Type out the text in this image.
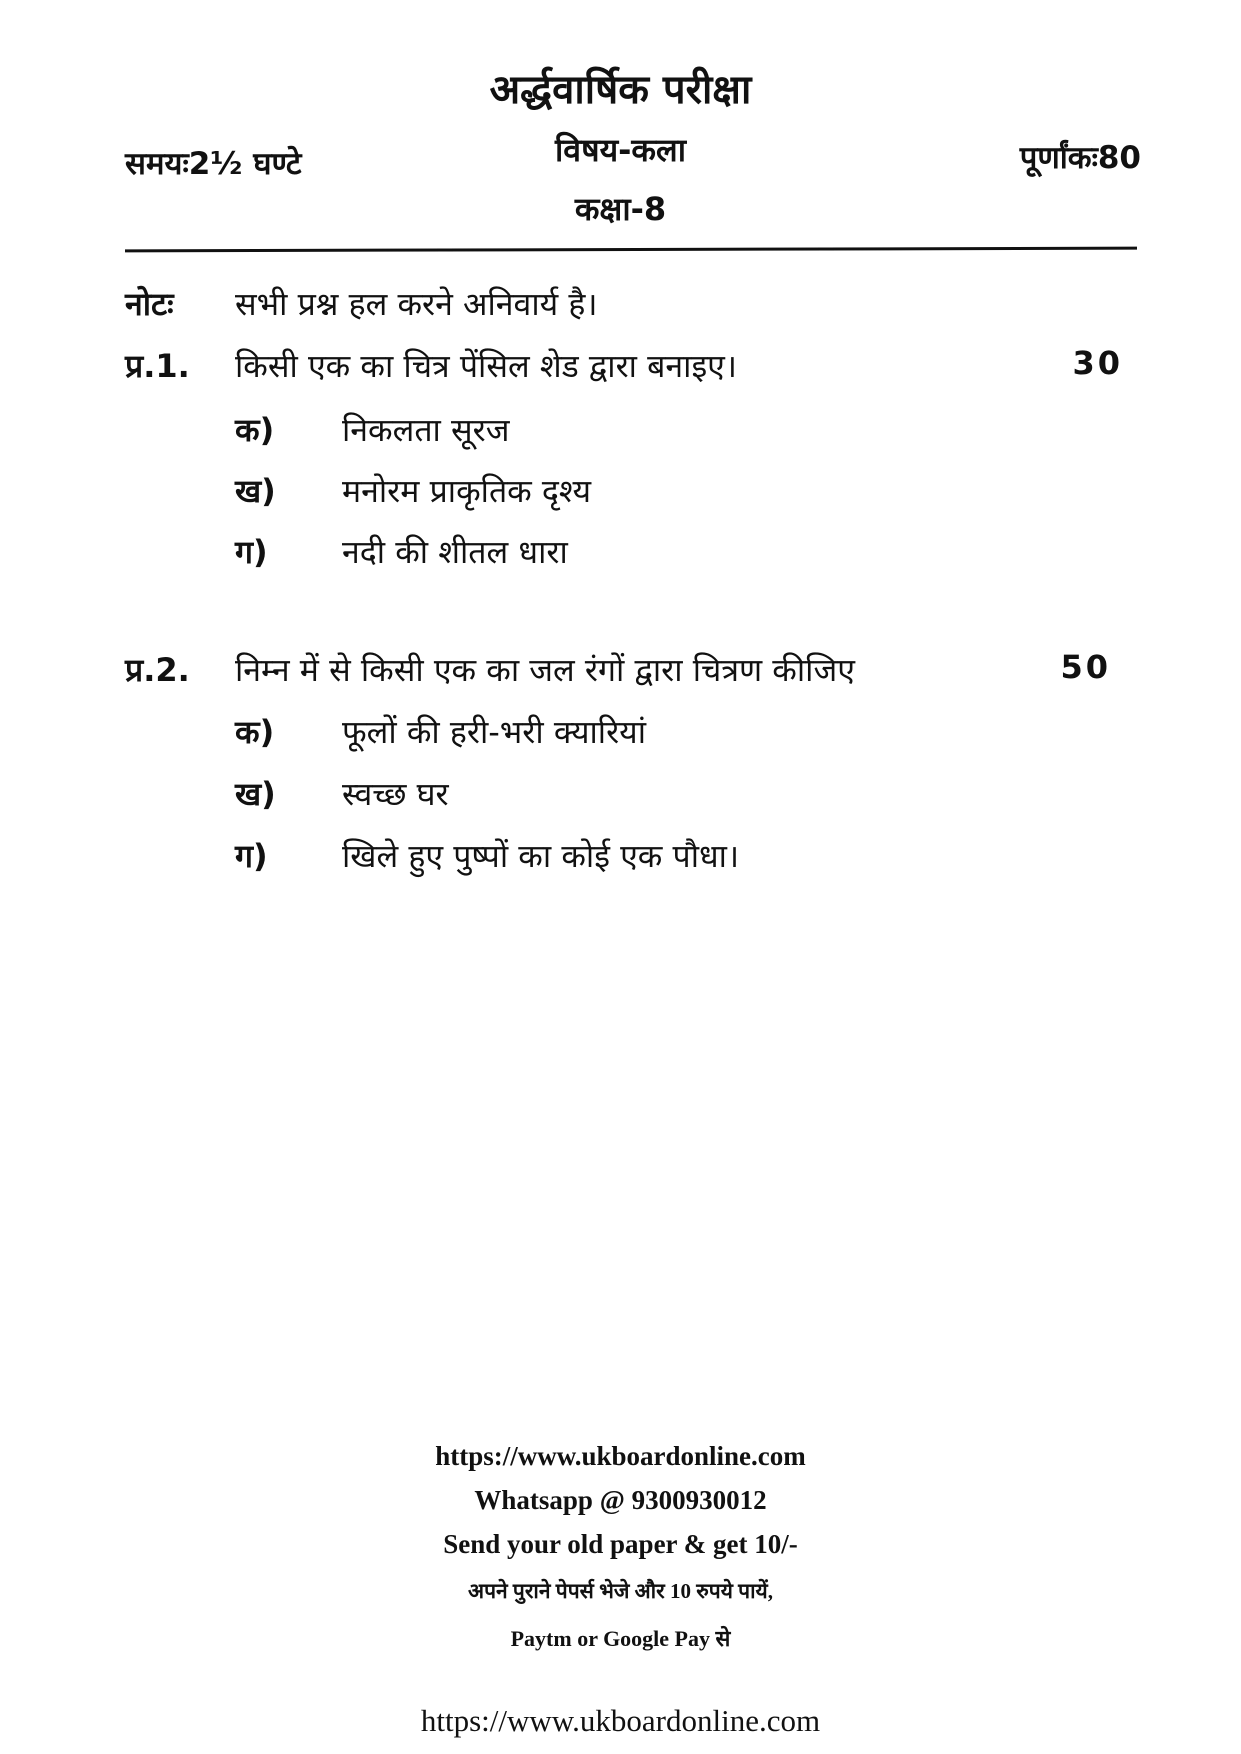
अर्द्धवार्षिक परीक्षा
विषय-कला
कक्षा-8
समयः2½ घण्टे	पूर्णांकः80
नोटः सभी प्रश्न हल करने अनिवार्य है।
प्र.1. किसी एक का चित्र पेंसिल शेड द्वारा बनाइए।	30
क) निकलता सूरज
ख) मनोरम प्राकृतिक दृश्य
ग) नदी की शीतल धारा
प्र.2. निम्न में से किसी एक का जल रंगों द्वारा चित्रण कीजिए	50
क) फूलों की हरी-भरी क्यारियां
ख) स्वच्छ घर
ग) खिले हुए पुष्पों का कोई एक पौधा।
https://www.ukboardonline.com
Whatsapp @ 9300930012
Send your old paper & get 10/-
अपने पुराने पेपर्स भेजे और 10 रुपये पायें,
Paytm or Google Pay से
https://www.ukboardonline.com
